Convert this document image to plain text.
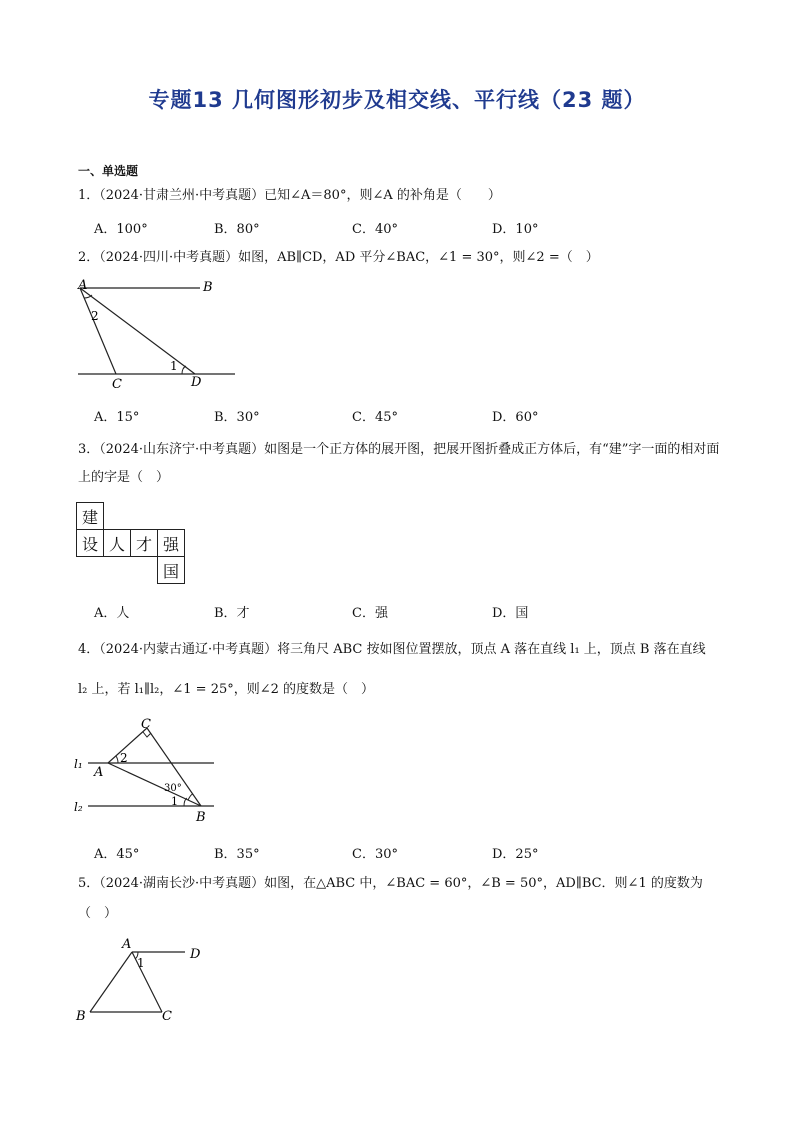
专题13 几何图形初步及相交线、平行线（23 题）
一、单选题
1．（2024·甘肃兰州·中考真题）已知∠A＝80°，则∠A 的补角是（　　）
A．100°	B．80°	C．40°	D．10°
2．（2024·四川·中考真题）如图，AB∥CD，AD 平分∠BAC，∠1 = 30°，则∠2 =（　）
A	B
C	D
1
2
A．15°	B．30°	C．45°	D．60°
3．（2024·山东济宁·中考真题）如图是一个正方体的展开图，把展开图折叠成正方体后，有“建”字一面的相对面上的字是（　）
建			
设	人	才	强
			国
A．人	B．才	C．强	D．国
4．（2024·内蒙古通辽·中考真题）将三角尺 ABC 按如图位置摆放，顶点 A 落在直线 l₁ 上，顶点 B 落在直线
l₂ 上，若 l₁∥l₂，∠1 = 25°，则∠2 的度数是（　）
C
A
B
l₁
l₂
2
1
30°
A．45°	B．35°	C．30°	D．25°
5．（2024·湖南长沙·中考真题）如图，在△ABC 中，∠BAC = 60°，∠B = 50°，AD∥BC．则∠1 的度数为
（　）
A
D
B	C
1
